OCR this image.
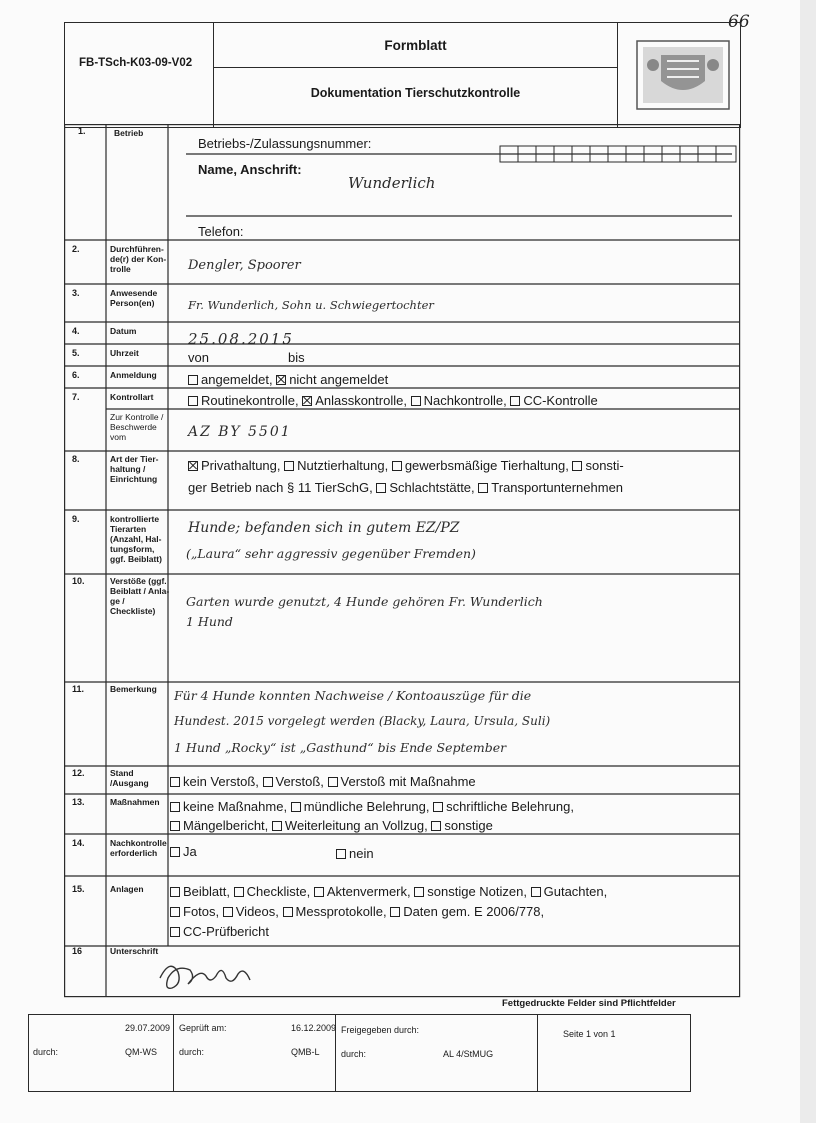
66
FB-TSch-K03-09-V02
Formblatt
Dokumentation Tierschutzkontrolle
1.	Betrieb
Betriebs-/Zulassungsnummer:
Name, Anschrift:
Wunderlich
Telefon:
2.	Durchführen-de(r) der Kon-trolle	Dengler, Spoorer
3.	Anwesende Person(en)	Fr. Wunderlich, Sohn u. Schwiegertochter
4.	Datum	25.08.2015
5.	Uhrzeit	von	bis
6.	Anmeldung	angemeldet, nicht angemeldet
7.	Kontrollart	Routinekontrolle, Anlasskontrolle, Nachkontrolle, CC-Kontrolle
Zur Kontrolle / Beschwerde vom	AZ BY 5501
8.	Art der Tier-haltung / Einrichtung
Privathaltung, Nutztierhaltung, gewerbsmäßige Tierhaltung, sonsti-
ger Betrieb nach § 11 TierSchG, Schlachtstätte, Transportunternehmen
9.	kontrollierte Tierarten (Anzahl, Hal-tungsform, ggf. Beiblatt)
Hunde; befanden sich in gutem EZ/PZ
(„Laura“ sehr aggressiv gegenüber Fremden)
10.	Verstöße (ggf. Beiblatt / Anla-ge / Checkliste)
Garten wurde genutzt, 4 Hunde gehören Fr. Wunderlich
1 Hund
11.	Bemerkung Für 4 Hunde konnten Nachweise / Kontoauszüge für die
Hundest. 2015 vorgelegt werden (Blacky, Laura, Ursula, Suli)
1 Hund „Rocky“ ist „Gasthund“ bis Ende September
12.	Stand /Ausgang	kein Verstoß, Verstoß, Verstoß mit Maßnahme
13.	Maßnahmen	keine Maßnahme, mündliche Belehrung, schriftliche Belehrung,
Mängelbericht, Weiterleitung an Vollzug, sonstige
14.	Nachkontrolle erforderlich	Ja	nein
15.	Anlagen	Beiblatt, Checkliste, Aktenvermerk, sonstige Notizen, Gutachten,
Fotos, Videos, Messprotokolle, Daten gem. E 2006/778,
CC-Prüfbericht
16	Unterschrift
Fettgedruckte Felder sind Pflichtfelder
29.07.2009
durch:	QM-WS
Geprüft am:	16.12.2009
durch:	QMB-L
Freigegeben durch:
durch:	AL 4/StMUG
Seite 1 von 1
